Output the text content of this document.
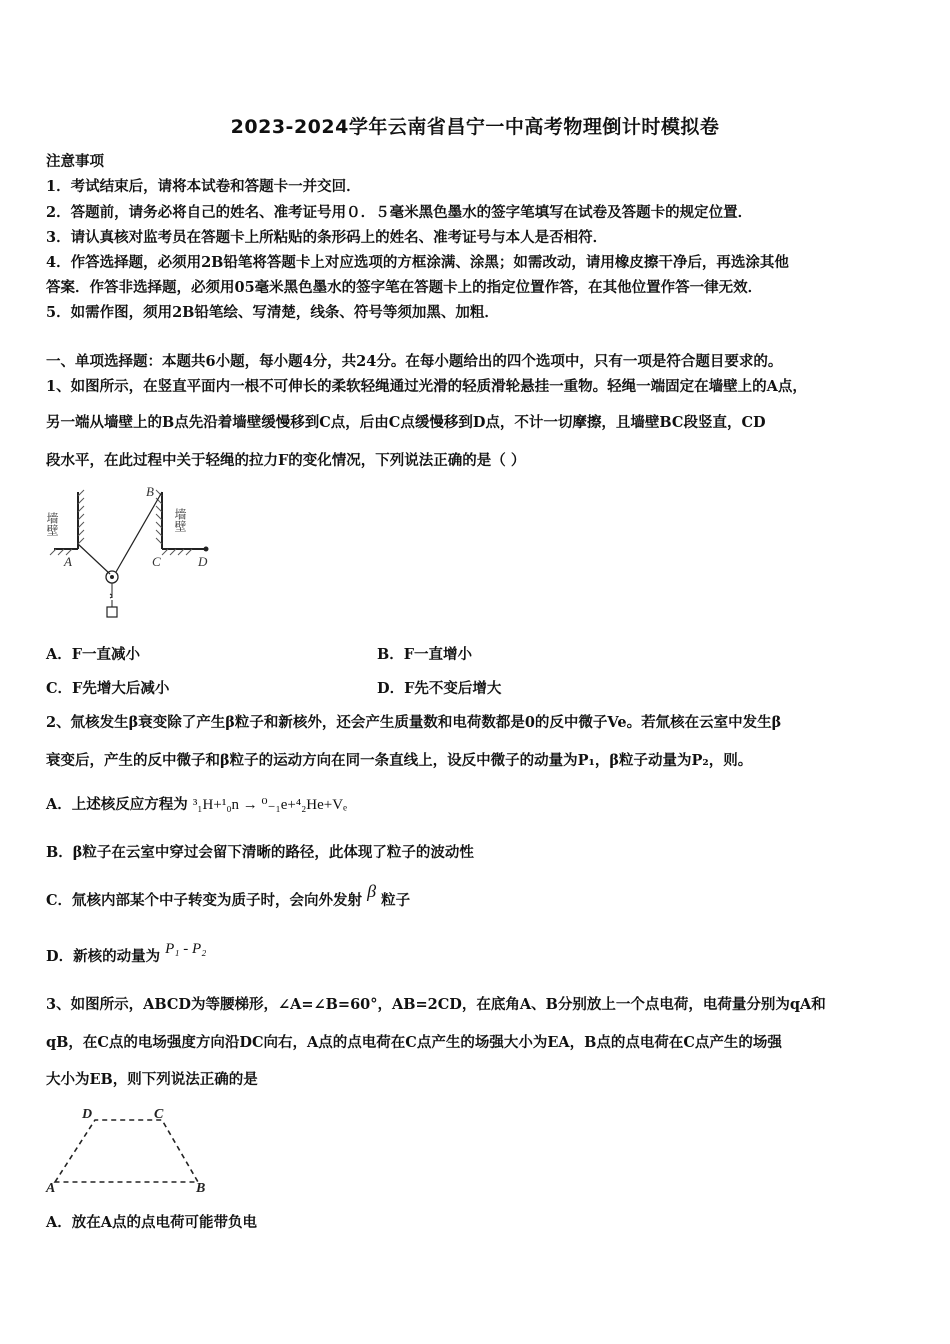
2023-2024学年云南省昌宁一中高考物理倒计时模拟卷
注意事项
1．考试结束后，请将本试卷和答题卡一并交回．
2．答题前，请务必将自己的姓名、准考证号用０．５毫米黑色墨水的签字笔填写在试卷及答题卡的规定位置．
3．请认真核对监考员在答题卡上所粘贴的条形码上的姓名、准考证号与本人是否相符．
4．作答选择题，必须用2B铅笔将答题卡上对应选项的方框涂满、涂黑；如需改动，请用橡皮擦干净后，再选涂其他
答案．作答非选择题，必须用05毫米黑色墨水的签字笔在答题卡上的指定位置作答，在其他位置作答一律无效．
5．如需作图，须用2B铅笔绘、写清楚，线条、符号等须加黑、加粗．
一、单项选择题：本题共6小题，每小题4分，共24分。在每小题给出的四个选项中，只有一项是符合题目要求的。
1、如图所示，在竖直平面内一根不可伸长的柔软轻绳通过光滑的轻质滑轮悬挂一重物。轻绳一端固定在墙壁上的A点，
另一端从墙壁上的B点先沿着墙壁缓慢移到C点，后由C点缓慢移到D点，不计一切摩擦，且墙壁BC段竖直，CD
段水平，在此过程中关于轻绳的拉力F的变化情况，下列说法正确的是（ ）
墙壁	墙壁
A
B
C	D
A．F一直减小	B．F一直增小
C．F先增大后减小	D．F先不变后增大
2、氚核发生β衰变除了产生β粒子和新核外，还会产生质量数和电荷数都是0的反中微子Ve。若氚核在云室中发生β
衰变后，产生的反中微子和β粒子的运动方向在同一条直线上，设反中微子的动量为P₁，β粒子动量为P₂，则。
A．上述核反应方程为 ³₁H+¹₀n → ⁰₋₁e+⁴₂He+Vₑ
B．β粒子在云室中穿过会留下清晰的路径，此体现了粒子的波动性
C．氚核内部某个中子转变为质子时，会向外发射 β 粒子
D．新核的动量为 P₁ - P₂
3、如图所示，ABCD为等腰梯形，∠A=∠B=60°，AB=2CD，在底角A、B分别放上一个点电荷，电荷量分别为qA和
qB，在C点的电场强度方向沿DC向右，A点的点电荷在C点产生的场强大小为EA，B点的点电荷在C点产生的场强
大小为EB，则下列说法正确的是
D	C
A	B
A．放在A点的点电荷可能带负电
